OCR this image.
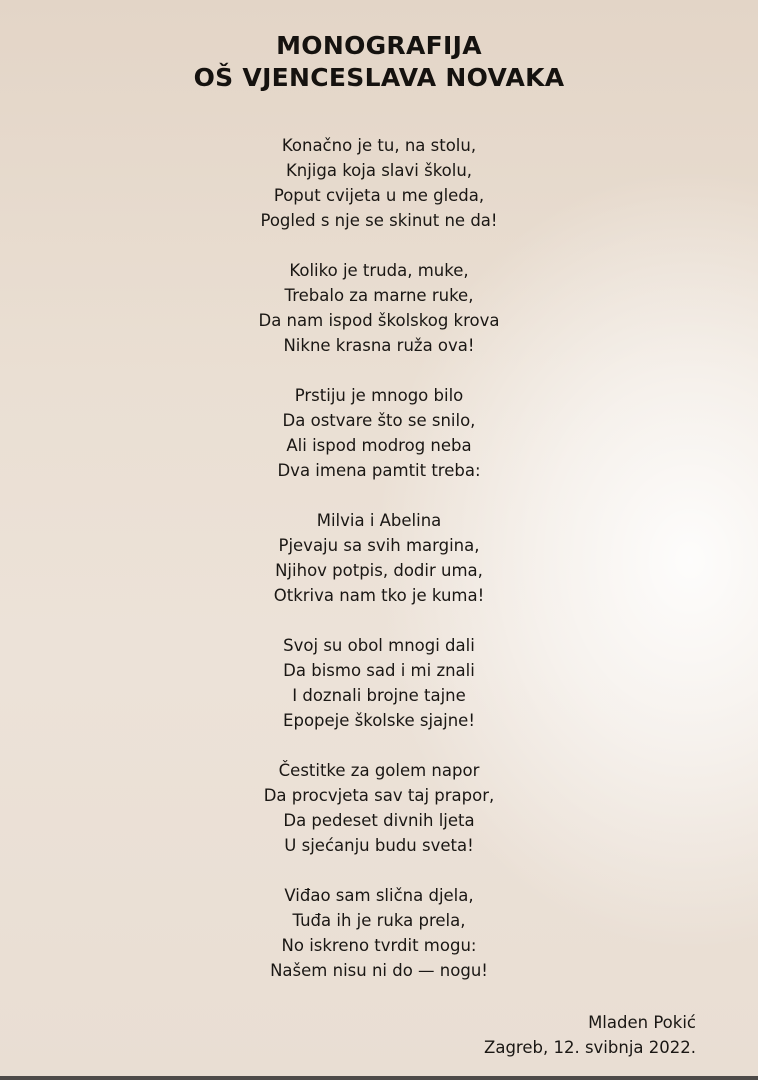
MONOGRAFIJA
OŠ VJENCESLAVA NOVAKA
Konačno je tu, na stolu,
Knjiga koja slavi školu,
Poput cvijeta u me gleda,
Pogled s nje se skinut ne da!
Koliko je truda, muke,
Trebalo za marne ruke,
Da nam ispod školskog krova
Nikne krasna ruža ova!
Prstiju je mnogo bilo
Da ostvare što se snilo,
Ali ispod modrog neba
Dva imena pamtit treba:
Milvia i Abelina
Pjevaju sa svih margina,
Njihov potpis, dodir uma,
Otkriva nam tko je kuma!
Svoj su obol mnogi dali
Da bismo sad i mi znali
I doznali brojne tajne
Epopeje školske sjajne!
Čestitke za golem napor
Da procvjeta sav taj prapor,
Da pedeset divnih ljeta
U sjećanju budu sveta!
Viđao sam slična djela,
Tuđa ih je ruka prela,
No iskreno tvrdit mogu:
Našem nisu ni do — nogu!
Mladen Pokić
Zagreb, 12. svibnja 2022.
